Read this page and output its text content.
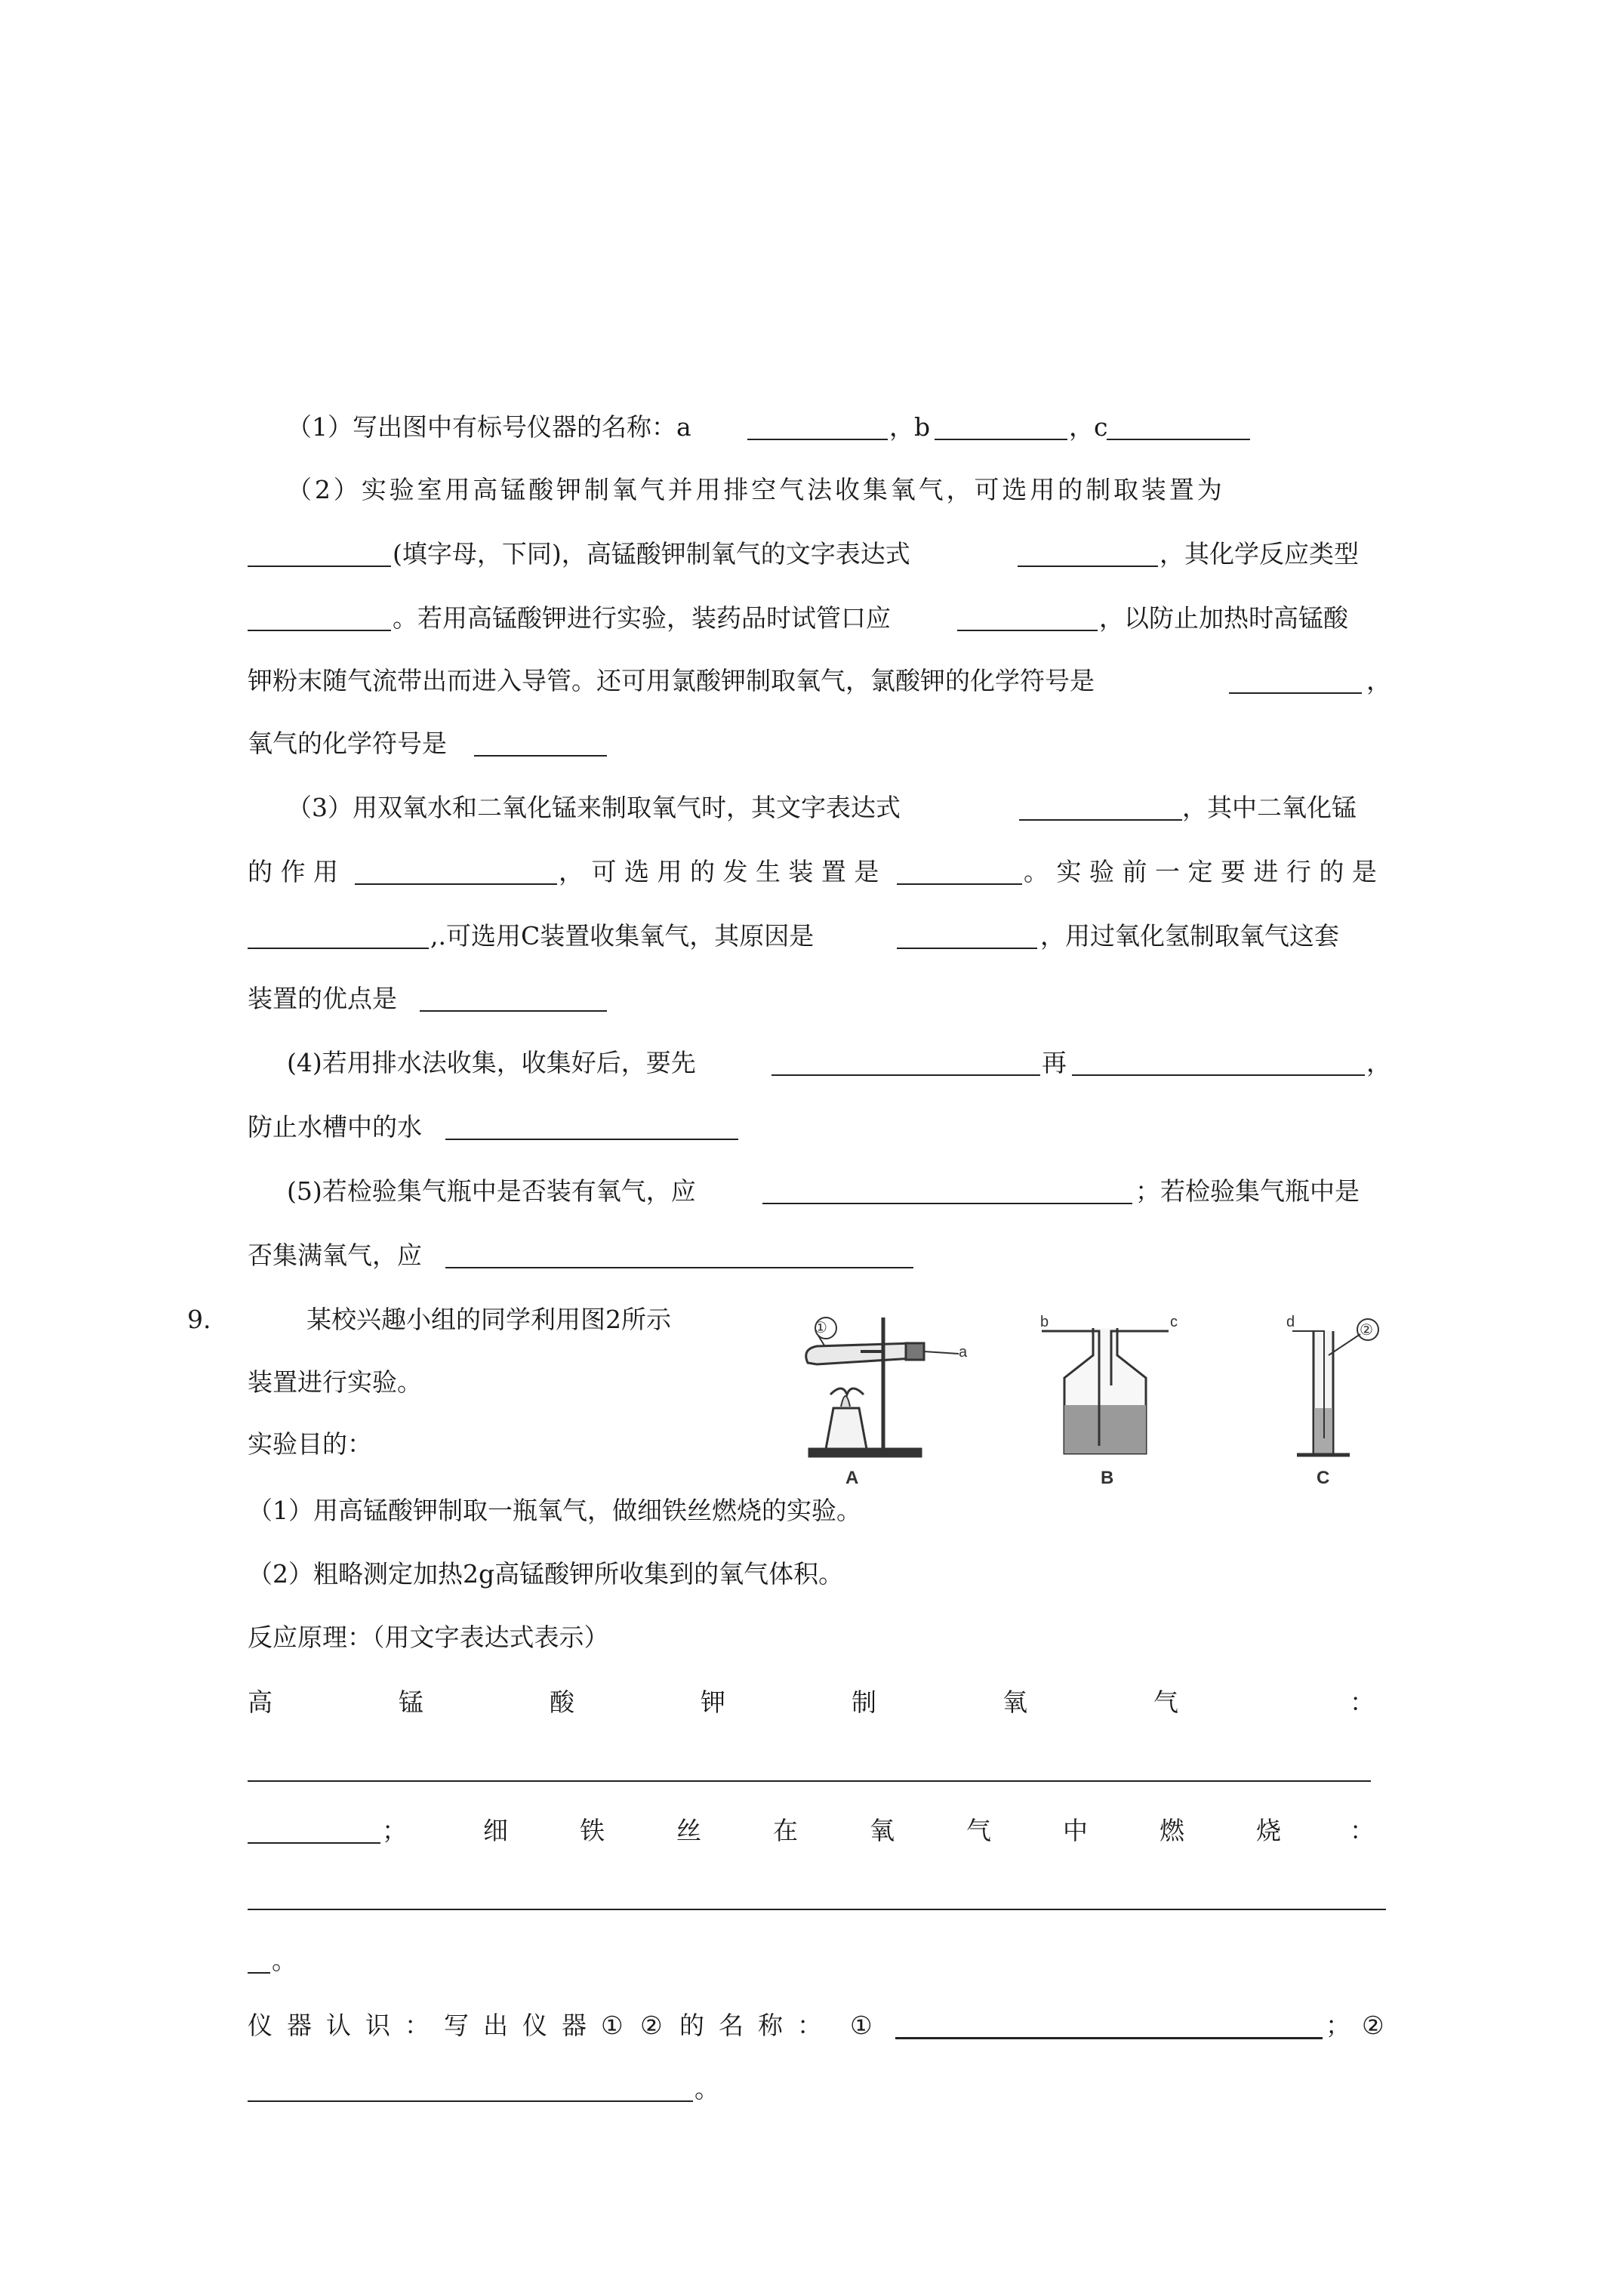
（1）写出图中有标号仪器的名称：a	，b	，c
（2）实验室用高锰酸钾制氧气并用排空气法收集氧气，可选用的制取装置为
(填字母，下同)，高锰酸钾制氧气的文字表达式	，其化学反应类型
。若用高锰酸钾进行实验，装药品时试管口应	，以防止加热时高锰酸
钾粉末随气流带出而进入导管。还可用氯酸钾制取氧气，氯酸钾的化学符号是	，
氧气的化学符号是
（3）用双氧水和二氧化锰来制取氧气时，其文字表达式	，其中二氧化锰
的 作 用	， 可 选 用 的 发 生 装 置 是	。 实 验 前 一 定 要 进 行 的 是
,.可选用C装置收集氧气，其原因是	，用过氧化氢制取氧气这套
装置的优点是
(4)若用排水法收集，收集好后，要先	再	，
防止水槽中的水
(5)若检验集气瓶中是否装有氧气，应	；若检验集气瓶中是
否集满氧气，应
9.	某校兴趣小组的同学利用图2所示
装置进行实验。
实验目的：
（1）用高锰酸钾制取一瓶氧气，做细铁丝燃烧的实验。
（2）粗略测定加热2g高锰酸钾所收集到的氧气体积。
反应原理：（用文字表达式表示）
高	锰	酸	钾	制	氧	气	：
；	细	铁	丝	在	氧	气	中	燃	烧	：
。
仪 器 认 识 ： 写 出 仪 器 ① ② 的 名 称 ： ①	； ②
。
①
a
A
b	c
B
d	②
C
